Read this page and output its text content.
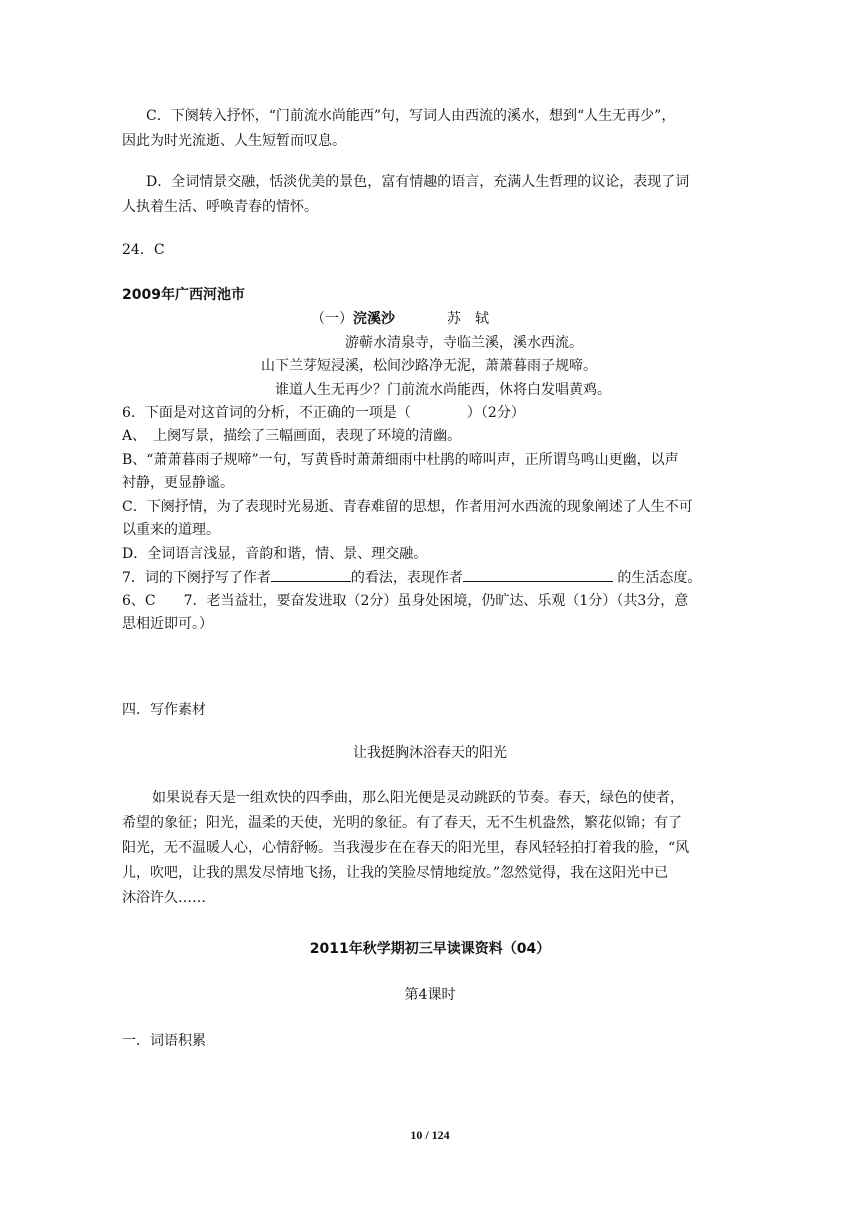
C．下阕转入抒怀，“门前流水尚能西”句，写词人由西流的溪水，想到“人生无再少”，
因此为时光流逝、人生短暂而叹息。
D．全词情景交融，恬淡优美的景色，富有情趣的语言，充满人生哲理的议论，表现了词
人执着生活、呼唤青春的情怀。
24．C
2009年广西河池市
（一）浣溪沙	苏　轼
游蕲水清泉寺，寺临兰溪，溪水西流。
山下兰芽短浸溪，松间沙路净无泥，萧萧暮雨子规啼。
谁道人生无再少？门前流水尚能西，休将白发唱黄鸡。
6．下面是对这首词的分析，不正确的一项是（　　　　）（2分）
A、　上阕写景，描绘了三幅画面，表现了环境的清幽。
B、“萧萧暮雨子规啼”一句，写黄昏时萧萧细雨中杜鹃的啼叫声，正所谓鸟鸣山更幽，以声
衬静，更显静谧。
C．下阕抒情，为了表现时光易逝、青春难留的思想，作者用河水西流的现象阐述了人生不可
以重来的道理。
D．全词语言浅显，音韵和谐，情、景、理交融。
7．词的下阕抒写了作者	的看法，表现作者	的生活态度。
6、C　　7．老当益壮，要奋发进取（2分）虽身处困境，仍旷达、乐观（1分）（共3分，意
思相近即可。）
四．写作素材
让我挺胸沐浴春天的阳光
如果说春天是一组欢快的四季曲，那么阳光便是灵动跳跃的节奏。春天，绿色的使者，
希望的象征；阳光，温柔的天使，光明的象征。有了春天，无不生机盎然，繁花似锦；有了
阳光，无不温暖人心，心情舒畅。当我漫步在在春天的阳光里，春风轻轻拍打着我的脸，“风
儿，吹吧，让我的黑发尽情地飞扬，让我的笑脸尽情地绽放。”忽然觉得，我在这阳光中已
沐浴许久……
2011年秋学期初三早读课资料（04）
第4课时
一．词语积累
10 / 124
